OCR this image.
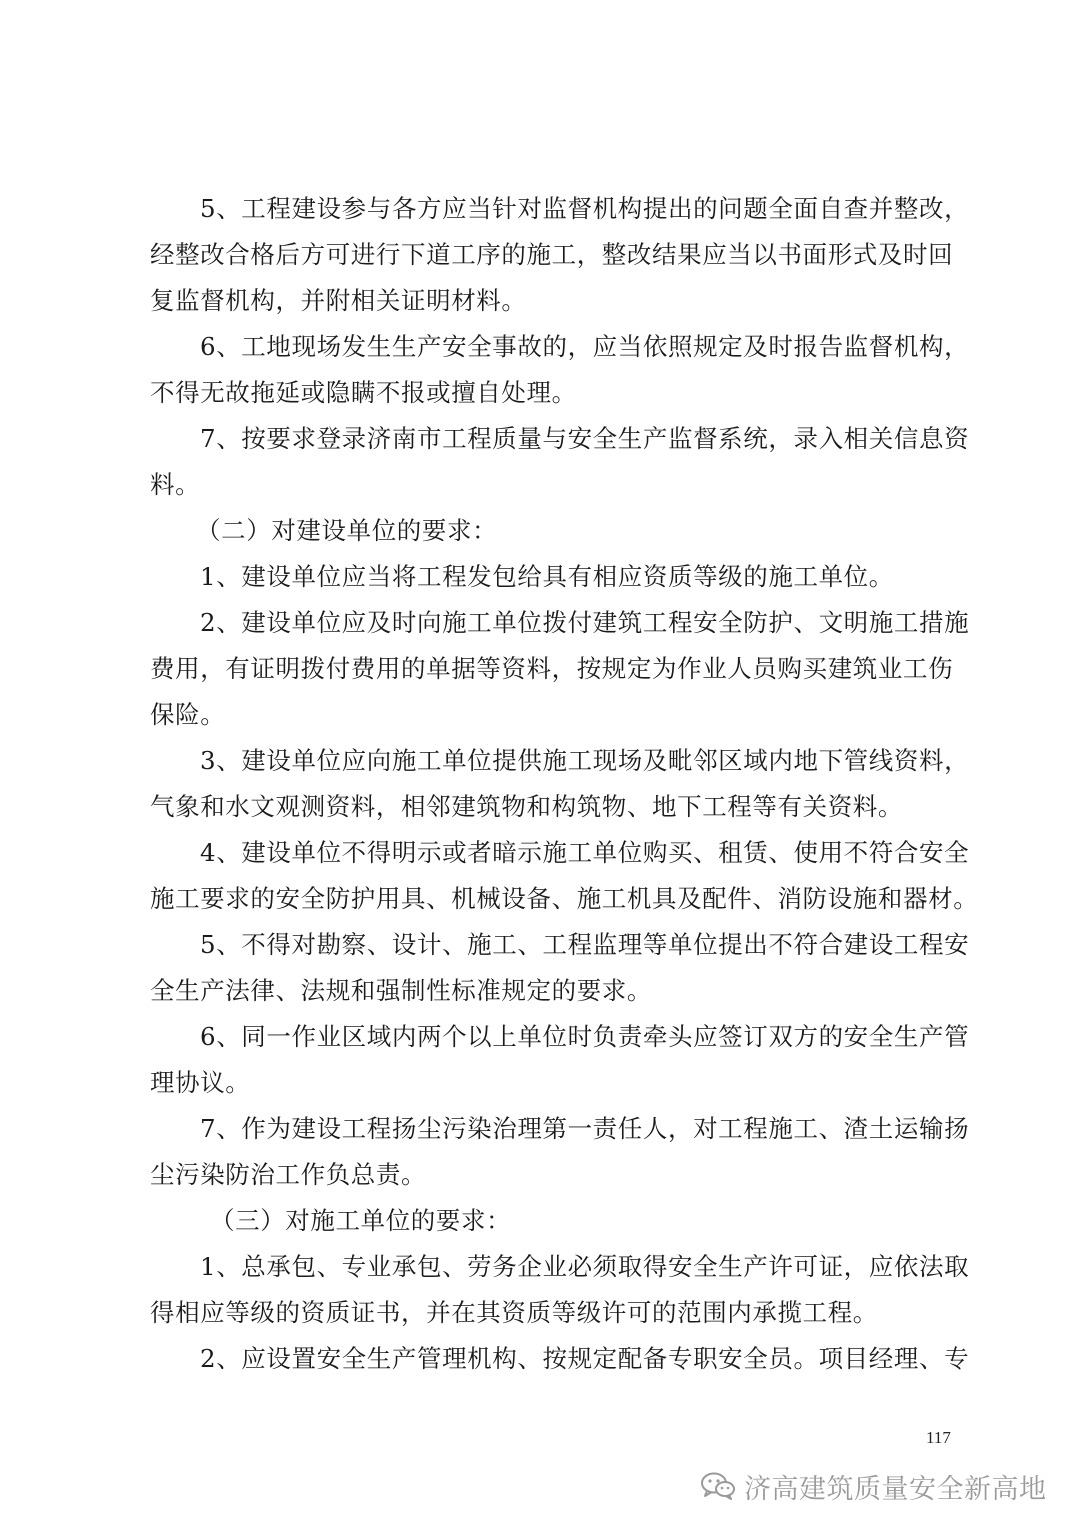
5、工程建设参与各方应当针对监督机构提出的问题全面自查并整改，
经整改合格后方可进行下道工序的施工，整改结果应当以书面形式及时回
复监督机构，并附相关证明材料。
6、工地现场发生生产安全事故的，应当依照规定及时报告监督机构，
不得无故拖延或隐瞒不报或擅自处理。
7、按要求登录济南市工程质量与安全生产监督系统，录入相关信息资
料。
（二）对建设单位的要求：
1、建设单位应当将工程发包给具有相应资质等级的施工单位。
2、建设单位应及时向施工单位拨付建筑工程安全防护、文明施工措施
费用，有证明拨付费用的单据等资料，按规定为作业人员购买建筑业工伤
保险。
3、建设单位应向施工单位提供施工现场及毗邻区域内地下管线资料，
气象和水文观测资料，相邻建筑物和构筑物、地下工程等有关资料。
4、建设单位不得明示或者暗示施工单位购买、租赁、使用不符合安全
施工要求的安全防护用具、机械设备、施工机具及配件、消防设施和器材。
5、不得对勘察、设计、施工、工程监理等单位提出不符合建设工程安
全生产法律、法规和强制性标准规定的要求。
6、同一作业区域内两个以上单位时负责牵头应签订双方的安全生产管
理协议。
7、作为建设工程扬尘污染治理第一责任人，对工程施工、渣土运输扬
尘污染防治工作负总责。
（三）对施工单位的要求：
1、总承包、专业承包、劳务企业必须取得安全生产许可证，应依法取
得相应等级的资质证书，并在其资质等级许可的范围内承揽工程。
2、应设置安全生产管理机构、按规定配备专职安全员。项目经理、专
117
济高建筑质量安全新高地
